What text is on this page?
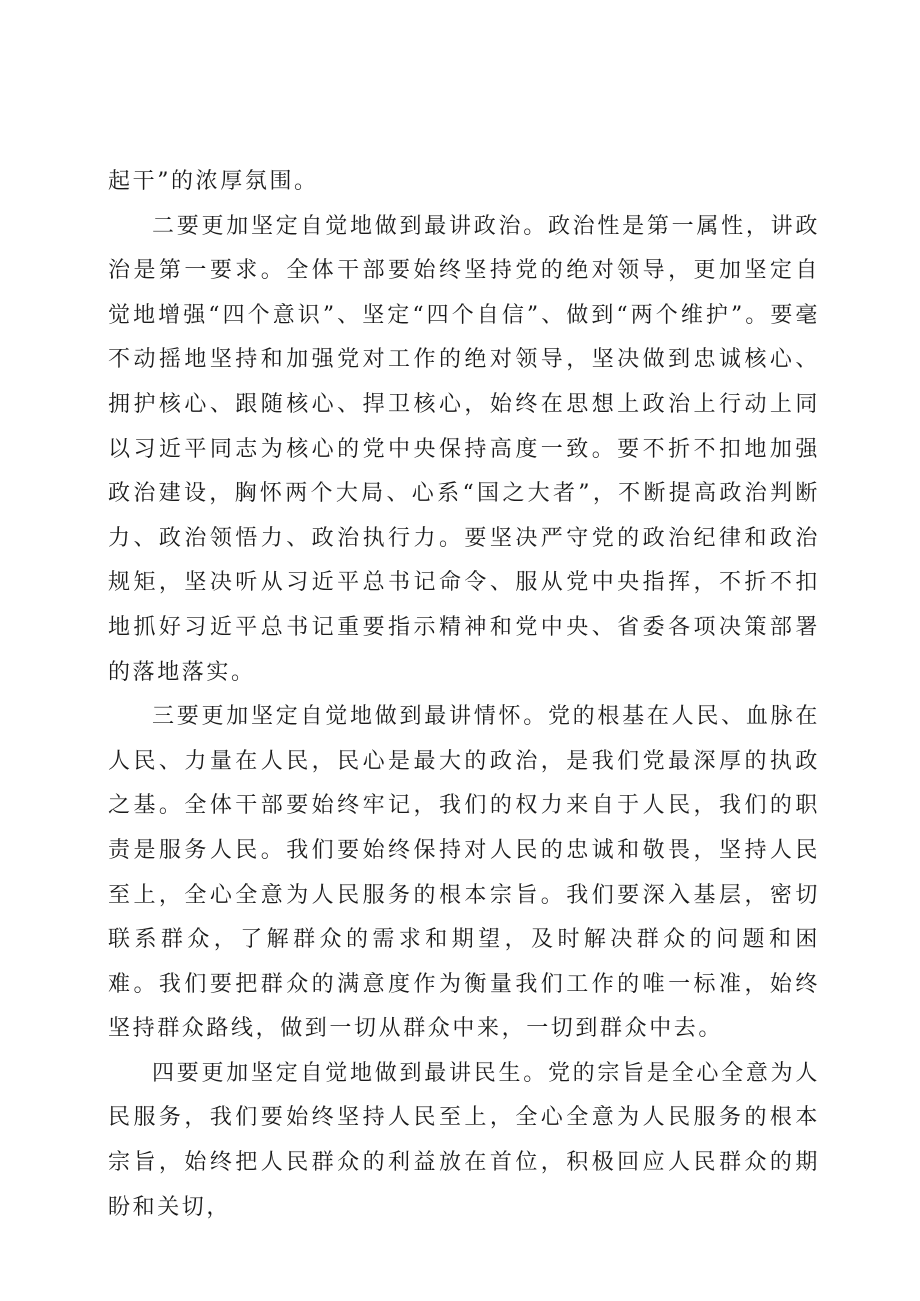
起干”的浓厚氛围。

二要更加坚定自觉地做到最讲政治。政治性是第一属性，讲政治是第一要求。全体干部要始终坚持党的绝对领导，更加坚定自觉地增强“四个意识”、坚定“四个自信”、做到“两个维护”。要毫不动摇地坚持和加强党对工作的绝对领导，坚决做到忠诚核心、拥护核心、跟随核心、捍卫核心，始终在思想上政治上行动上同以习近平同志为核心的党中央保持高度一致。要不折不扣地加强政治建设，胸怀两个大局、心系“国之大者”，不断提高政治判断力、政治领悟力、政治执行力。要坚决严守党的政治纪律和政治规矩，坚决听从习近平总书记命令、服从党中央指挥，不折不扣地抓好习近平总书记重要指示精神和党中央、省委各项决策部署的落地落实。

三要更加坚定自觉地做到最讲情怀。党的根基在人民、血脉在人民、力量在人民，民心是最大的政治，是我们党最深厚的执政之基。全体干部要始终牢记，我们的权力来自于人民，我们的职责是服务人民。我们要始终保持对人民的忠诚和敬畏，坚持人民至上，全心全意为人民服务的根本宗旨。我们要深入基层，密切联系群众，了解群众的需求和期望，及时解决群众的问题和困难。我们要把群众的满意度作为衡量我们工作的唯一标准，始终坚持群众路线，做到一切从群众中来，一切到群众中去。

四要更加坚定自觉地做到最讲民生。党的宗旨是全心全意为人民服务，我们要始终坚持人民至上，全心全意为人民服务的根本宗旨，始终把人民群众的利益放在首位，积极回应人民群众的期盼和关切，
